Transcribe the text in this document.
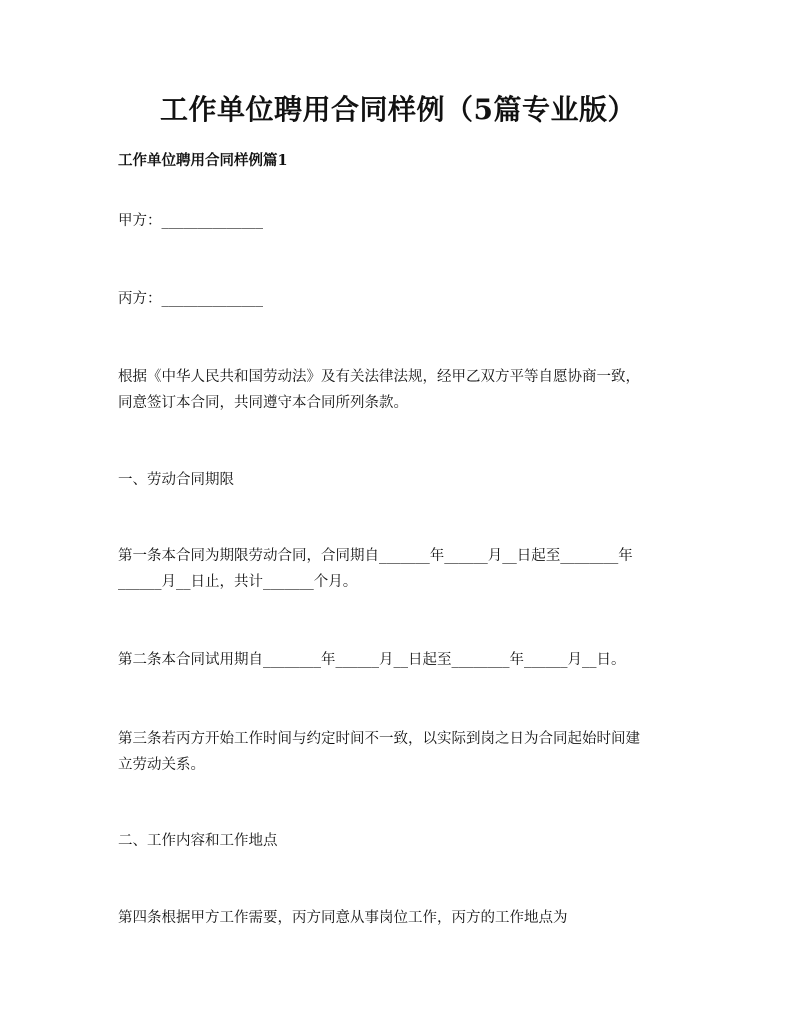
工作单位聘用合同样例（5篇专业版）
工作单位聘用合同样例篇1
甲方：______________
丙方：______________
根据《中华人民共和国劳动法》及有关法律法规，经甲乙双方平等自愿协商一致，
同意签订本合同，共同遵守本合同所列条款。
一、劳动合同期限
第一条本合同为期限劳动合同，合同期自_______年______月__日起至________年
______月__日止，共计_______个月。
第二条本合同试用期自________年______月__日起至________年______月__日。
第三条若丙方开始工作时间与约定时间不一致，以实际到岗之日为合同起始时间建
立劳动关系。
二、工作内容和工作地点
第四条根据甲方工作需要，丙方同意从事岗位工作，丙方的工作地点为
